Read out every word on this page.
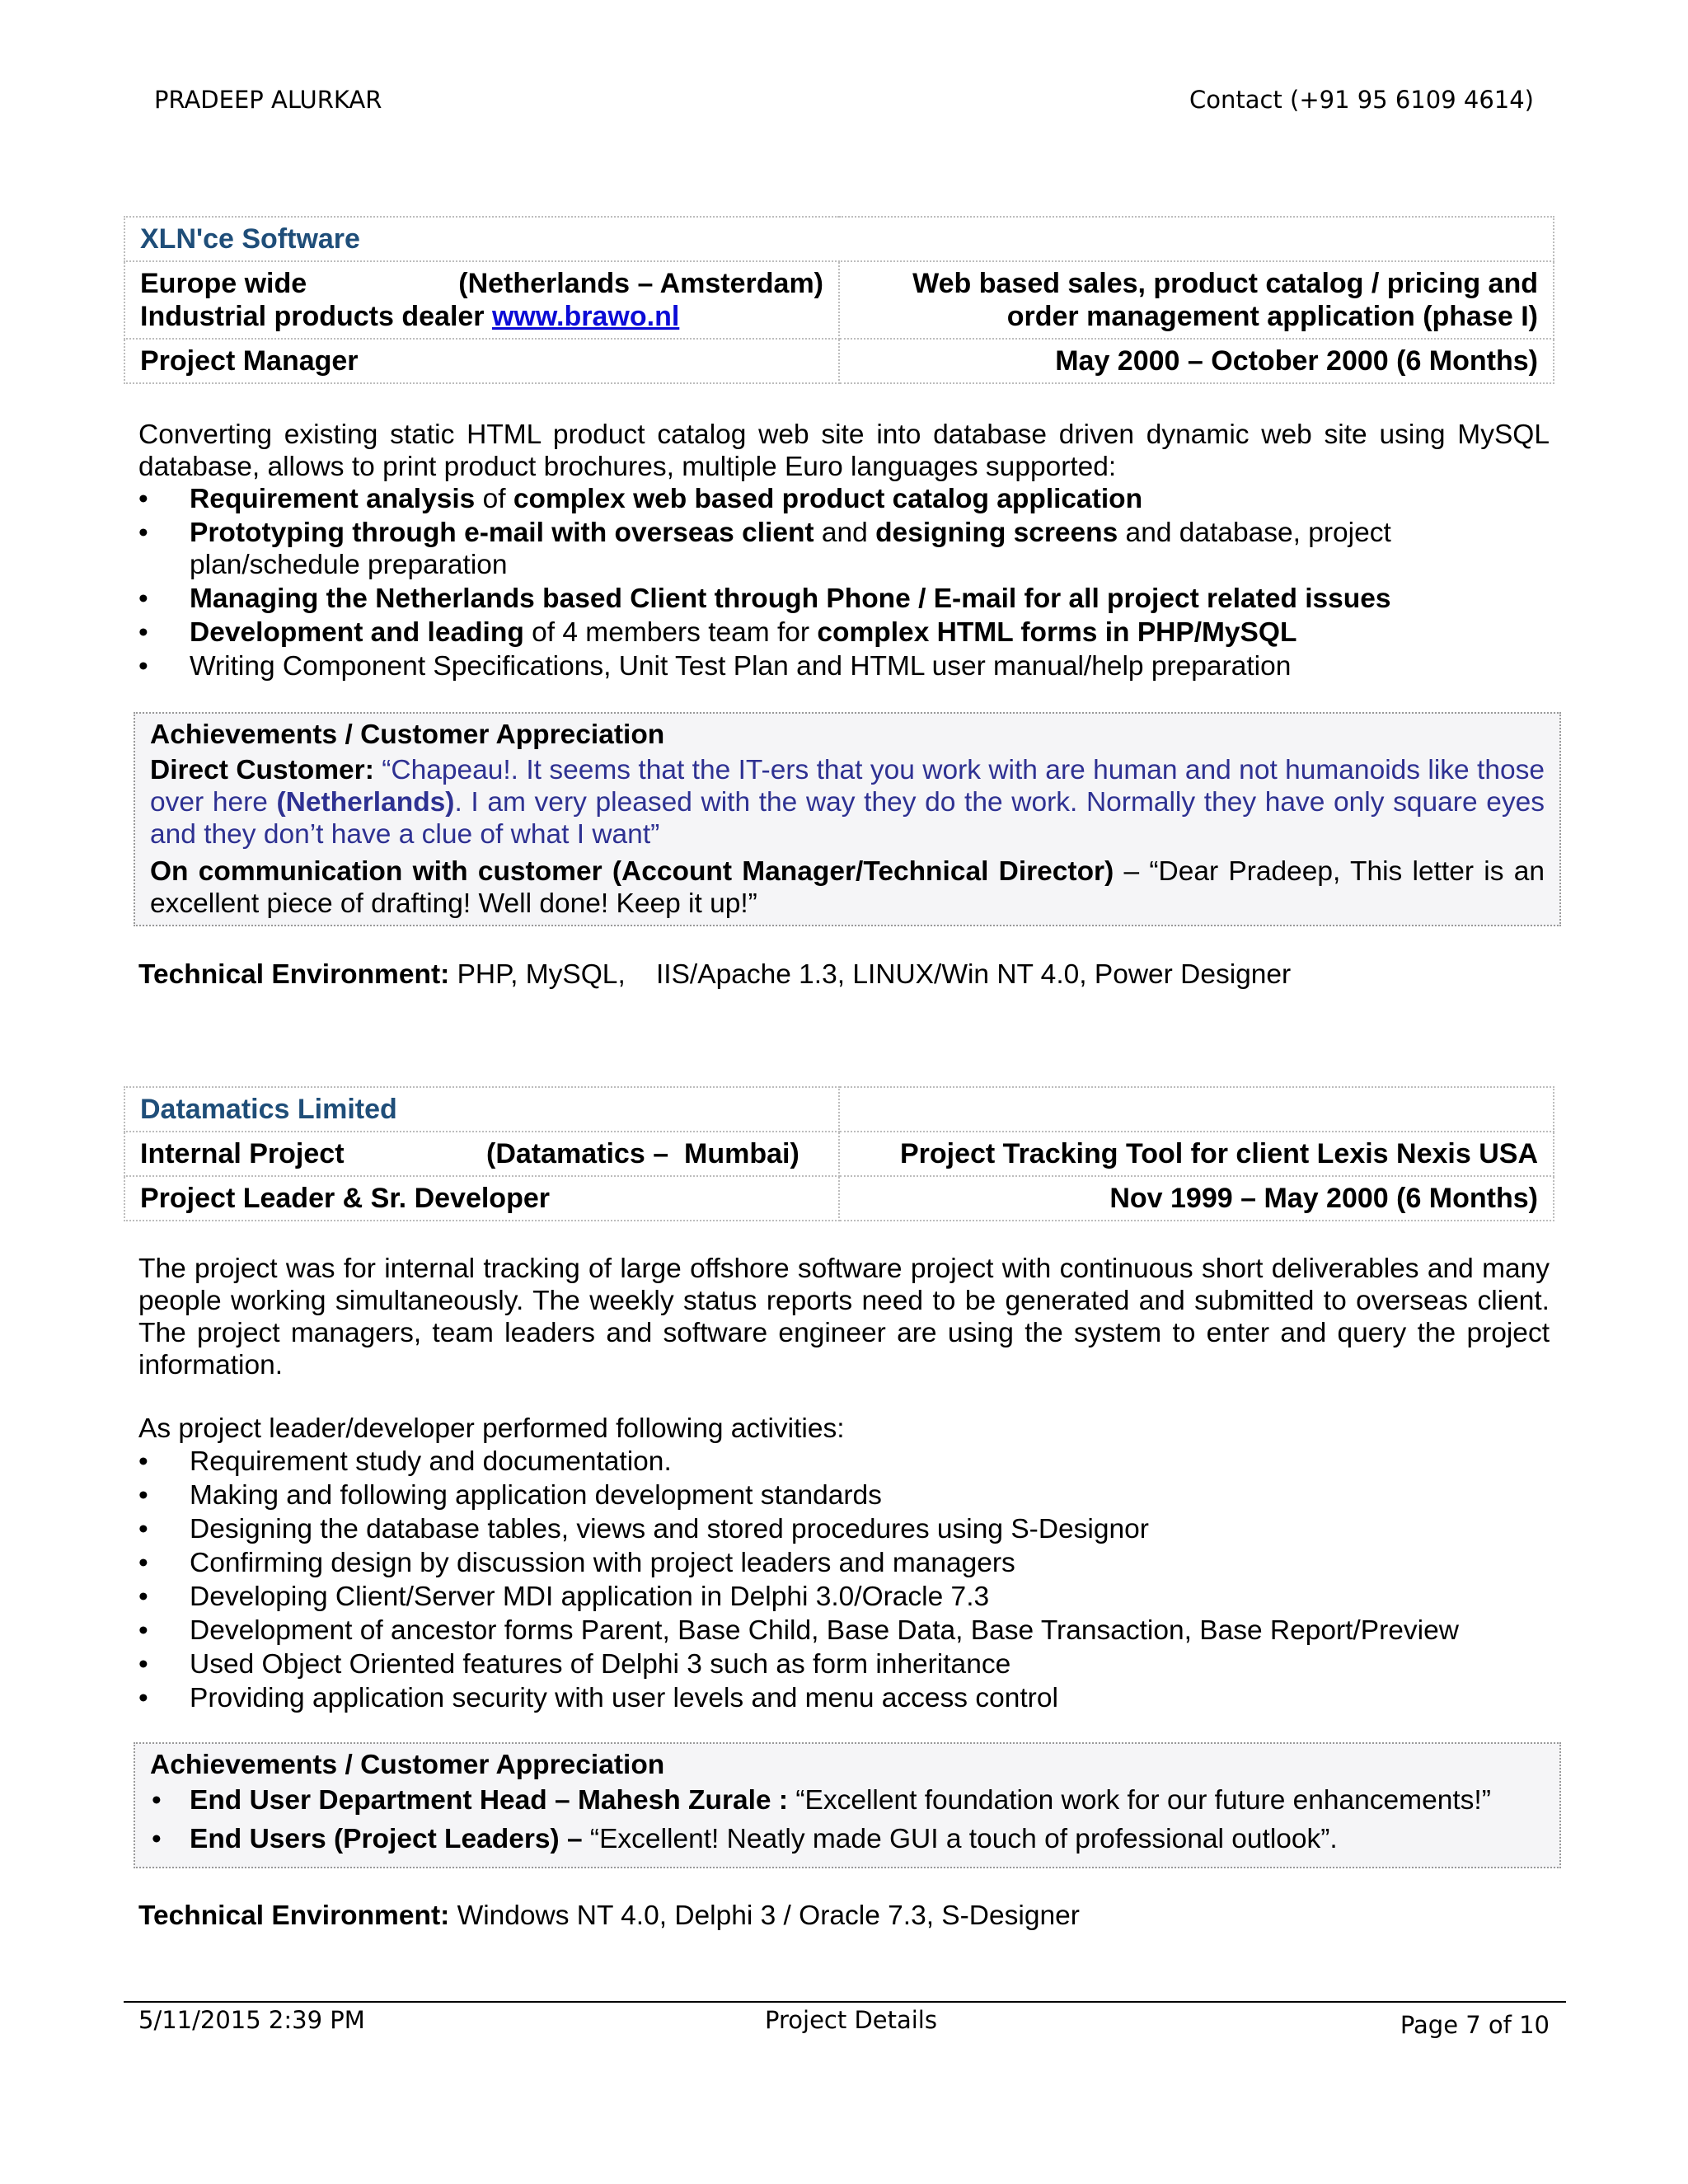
PRADEEP ALURKAR	Contact (+91 95 6109 4614)
XLN'ce Software	

Europe wide (Netherlands – Amsterdam)
Industrial products dealer www.brawo.nl	Web based sales, product catalog / pricing and order management application (phase I)
Project Manager	May 2000 – October 2000 (6 Months)
Converting existing static HTML product catalog web site into database driven dynamic web site using MySQL database, allows to print product brochures, multiple Euro languages supported:
• Requirement analysis of complex web based product catalog application
• Prototyping through e-mail with overseas client and designing screens and database, project plan/schedule preparation
• Managing the Netherlands based Client through Phone / E-mail for all project related issues
• Development and leading of 4 members team for complex HTML forms in PHP/MySQL
• Writing Component Specifications, Unit Test Plan and HTML user manual/help preparation
Achievements / Customer Appreciation
Direct Customer: “Chapeau!. It seems that the IT-ers that you work with are human and not humanoids like those over here (Netherlands). I am very pleased with the way they do the work. Normally they have only square eyes and they don’t have a clue of what I want”
On communication with customer (Account Manager/Technical Director) – “Dear Pradeep, This letter is an excellent piece of drafting! Well done! Keep it up!”
Technical Environment: PHP, MySQL,    IIS/Apache 1.3, LINUX/Win NT 4.0, Power Designer
Datamatics Limited	

Internal Project (Datamatics –  Mumbai)	Project Tracking Tool for client Lexis Nexis USA
Project Leader & Sr. Developer	Nov 1999 – May 2000 (6 Months)
The project was for internal tracking of large offshore software project with continuous short deliverables and many people working simultaneously. The weekly status reports need to be generated and submitted to overseas client. The project managers, team leaders and software engineer are using the system to enter and query the project information.
As project leader/developer performed following activities:
• Requirement study and documentation.
• Making and following application development standards
• Designing the database tables, views and stored procedures using S-Designor
• Confirming design by discussion with project leaders and managers
• Developing Client/Server MDI application in Delphi 3.0/Oracle 7.3
• Development of ancestor forms Parent, Base Child, Base Data, Base Transaction, Base Report/Preview
• Used Object Oriented features of Delphi 3 such as form inheritance
• Providing application security with user levels and menu access control
Achievements / Customer Appreciation
• End User Department Head – Mahesh Zurale : “Excellent foundation work for our future enhancements!”
• End Users (Project Leaders) – “Excellent! Neatly made GUI a touch of professional outlook”.
Technical Environment: Windows NT 4.0, Delphi 3 / Oracle 7.3, S-Designer
5/11/2015 2:39 PM	Project Details	Page 7 of 10
